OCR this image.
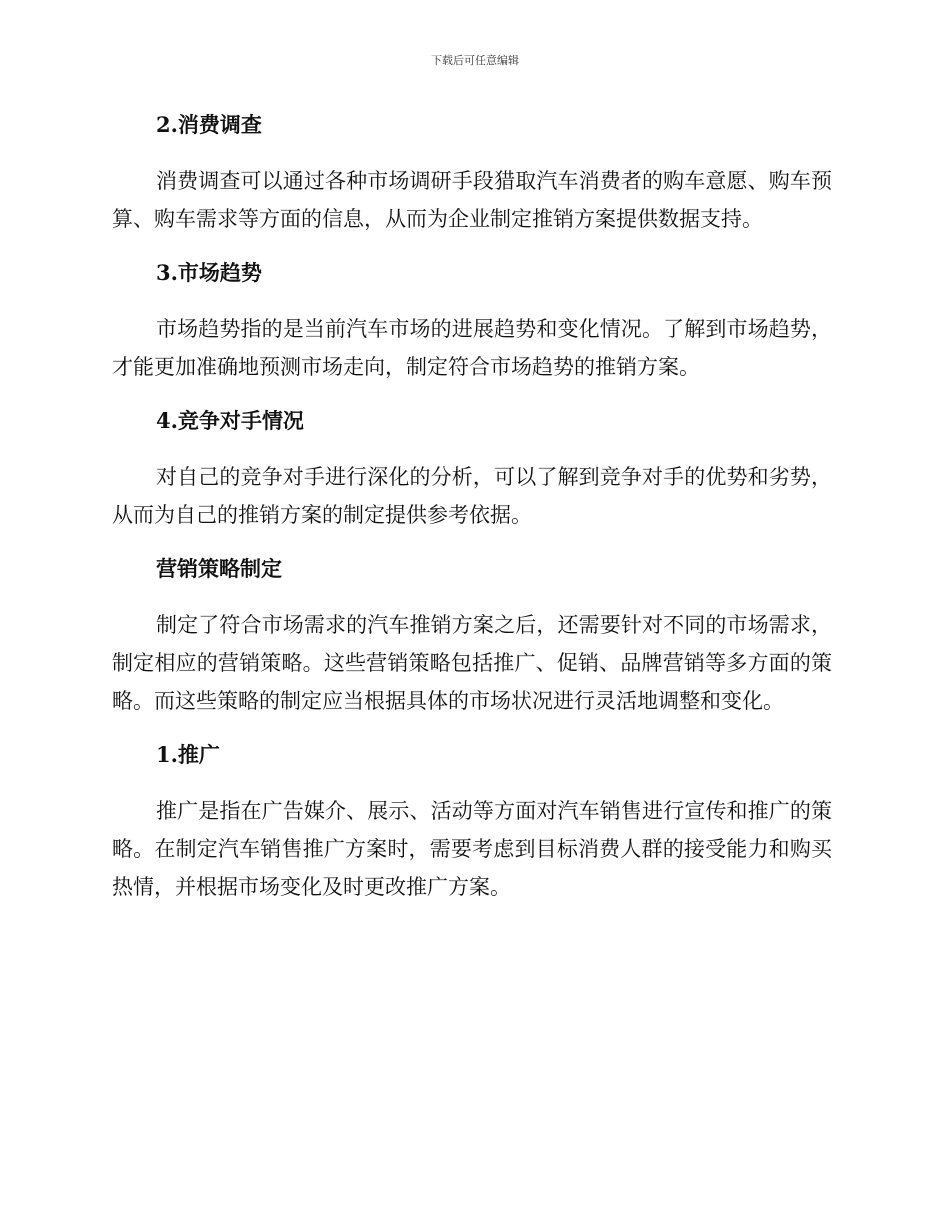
下载后可任意编辑
2.消费调查

消费调查可以通过各种市场调研手段猎取汽车消费者的购车意愿、购车预算、购车需求等方面的信息，从而为企业制定推销方案提供数据支持。

3.市场趋势

市场趋势指的是当前汽车市场的进展趋势和变化情况。了解到市场趋势，才能更加准确地预测市场走向，制定符合市场趋势的推销方案。

4.竞争对手情况

对自己的竞争对手进行深化的分析，可以了解到竞争对手的优势和劣势，从而为自己的推销方案的制定提供参考依据。

营销策略制定

制定了符合市场需求的汽车推销方案之后，还需要针对不同的市场需求，制定相应的营销策略。这些营销策略包括推广、促销、品牌营销等多方面的策略。而这些策略的制定应当根据具体的市场状况进行灵活地调整和变化。

1.推广

推广是指在广告媒介、展示、活动等方面对汽车销售进行宣传和推广的策略。在制定汽车销售推广方案时，需要考虑到目标消费人群的接受能力和购买热情，并根据市场变化及时更改推广方案。
